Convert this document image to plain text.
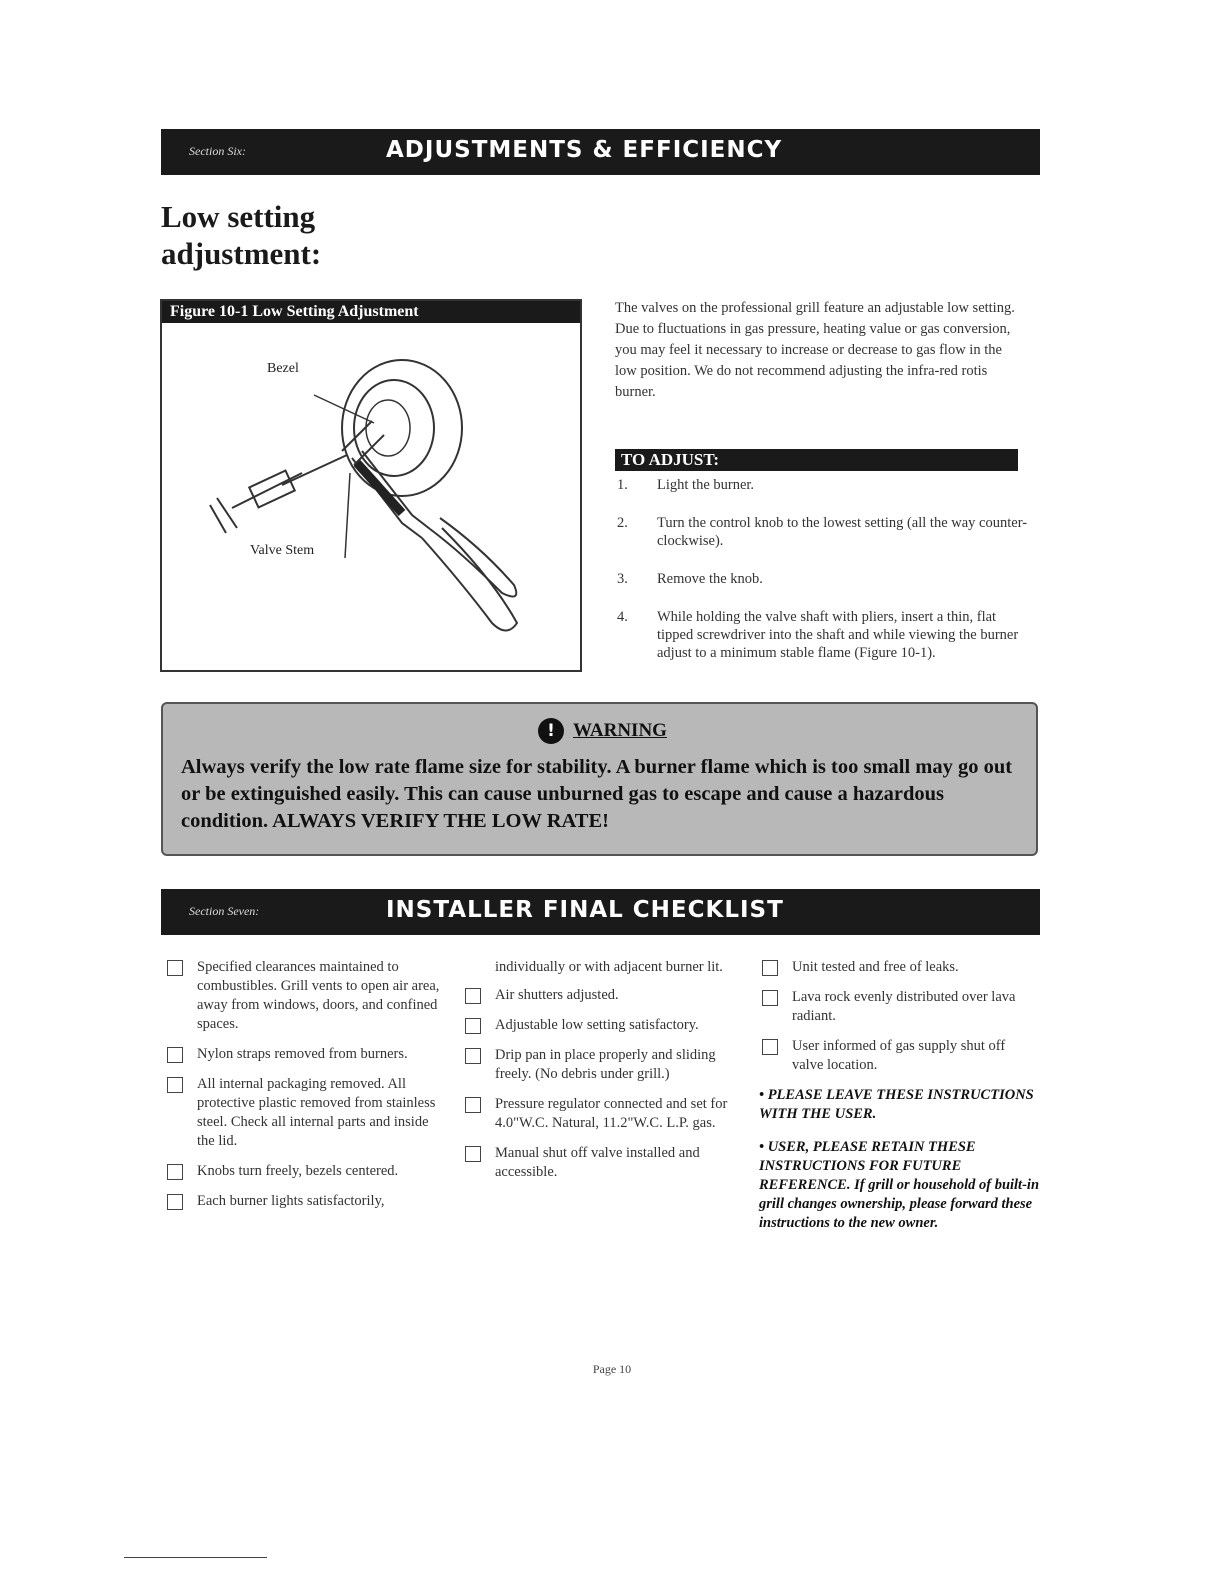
Section Six:	ADJUSTMENTS & EFFICIENCY
Low setting
adjustment:
Figure 10-1 Low Setting Adjustment
Bezel
Valve Stem
The valves on the professional grill feature an adjustable low setting. Due to fluctuations in gas pressure, heating value or gas conversion, you may feel it necessary to increase or decrease to gas flow in the low position. We do not recommend adjusting the infra-red rotis burner.
TO ADJUST:
1. Light the burner.
2. Turn the control knob to the lowest setting (all the way counter-clockwise).
3. Remove the knob.
4. While holding the valve shaft with pliers, insert a thin, flat tipped screwdriver into the shaft and while viewing the burner adjust to a minimum stable flame (Figure 10-1).
! WARNING
Always verify the low rate flame size for stability. A burner flame which is too small may go out or be extinguished easily. This can cause unburned gas to escape and cause a hazardous condition. ALWAYS VERIFY THE LOW RATE!
Section Seven:	INSTALLER FINAL CHECKLIST
Specified clearances maintained to combustibles. Grill vents to open air area, away from windows, doors, and confined spaces.
Nylon straps removed from burners.
All internal packaging removed. All protective plastic removed from stainless steel. Check all internal parts and inside the lid.
Knobs turn freely, bezels centered.
Each burner lights satisfactorily,
individually or with adjacent burner lit.
Air shutters adjusted.
Adjustable low setting satisfactory.
Drip pan in place properly and sliding freely. (No debris under grill.)
Pressure regulator connected and set for 4.0"W.C. Natural, 11.2"W.C. L.P. gas.
Manual shut off valve installed and accessible.
Unit tested and free of leaks.
Lava rock evenly distributed over lava radiant.
User informed of gas supply shut off valve location.
• PLEASE LEAVE THESE INSTRUCTIONS WITH THE USER.
• USER, PLEASE RETAIN THESE INSTRUCTIONS FOR FUTURE REFERENCE. If grill or household of built-in grill changes ownership, please forward these instructions to the new owner.
Page 10
